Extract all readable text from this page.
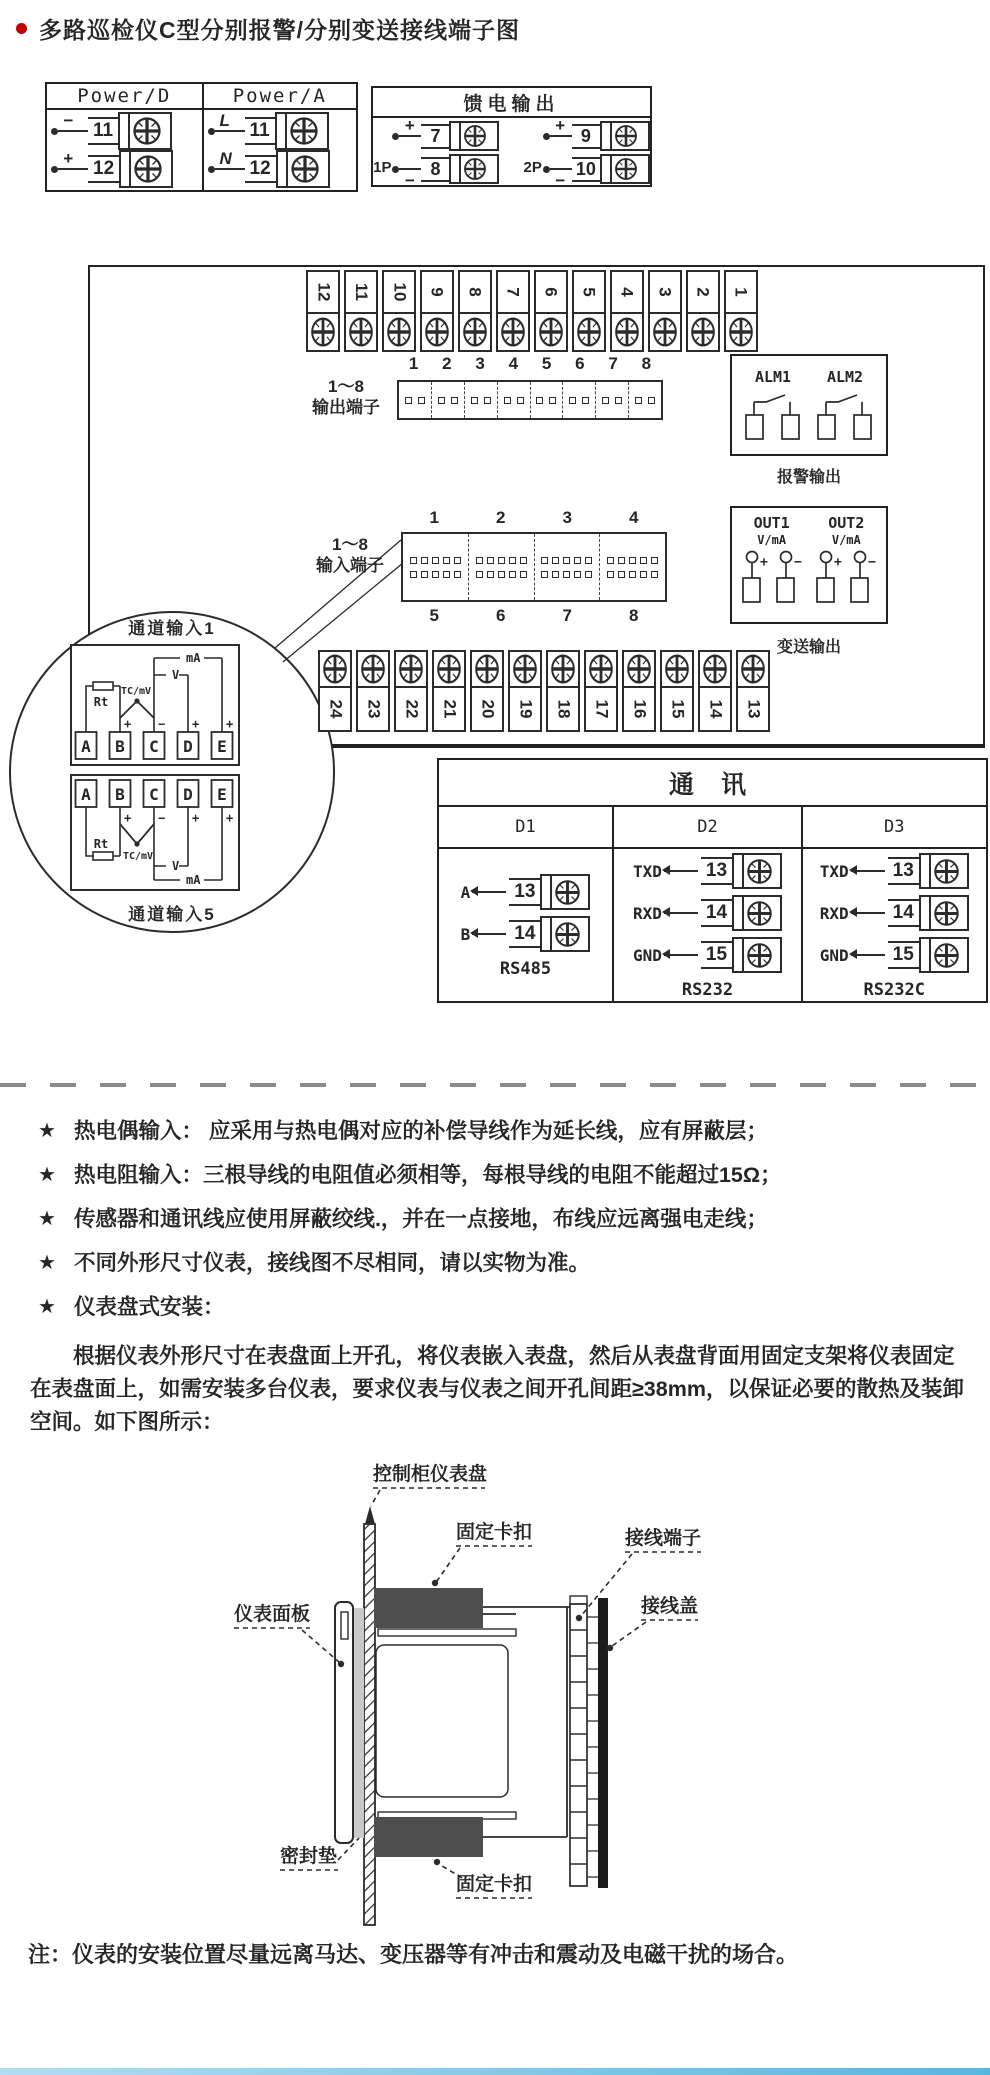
多路巡检仪C型分别报警/分别变送接线端子图
Power/D
− 11
+ 12
Power/A
L 11
N 12
馈电输出
1P
+ 7
−
8	2P
+ 9
−
10
12 11 10 9 8 7 6 5 4 3 2 1
1	2	3	4	5	6	7	8
1～8
输出端子
ALM1 ALM2
报警输出
1	2	3	4
5	6	7	8
1～8
输入端子
OUT1
V/mA
+ −
OUT2
V/mA
+ −
变送输出
24 23 22 21 20 19 18 17 16 15 14 13
通道输入1
Rt
TC/mV
V
mA
+ − + +
A B C D E
A B C D E
+ − + +
Rt
TC/mV
V
mA
通道输入5
通 讯
D1
A 13
B 14
RS485
D2
TXD 13
RXD 14
GND 15
RS232
D3
TXD 13
RXD 14
GND 15
RS232C
★ 热电偶输入： 应采用与热电偶对应的补偿导线作为延长线，应有屏蔽层；
★ 热电阻输入：三根导线的电阻值必须相等，每根导线的电阻不能超过15Ω；
★ 传感器和通讯线应使用屏蔽绞线.，并在一点接地，布线应远离强电走线；
★ 不同外形尺寸仪表，接线图不尽相同，请以实物为准。
★ 仪表盘式安装：
根据仪表外形尺寸在表盘面上开孔，将仪表嵌入表盘，然后从表盘背面用固定支架将仪表固定在表盘面上，如需安装多台仪表，要求仪表与仪表之间开孔间距≥38mm，以保证必要的散热及装卸空间。如下图所示：
控制柜仪表盘
固定卡扣	接线端子
接线盖
仪表面板
密封垫
固定卡扣
注：仪表的安装位置尽量远离马达、变压器等有冲击和震动及电磁干扰的场合。
